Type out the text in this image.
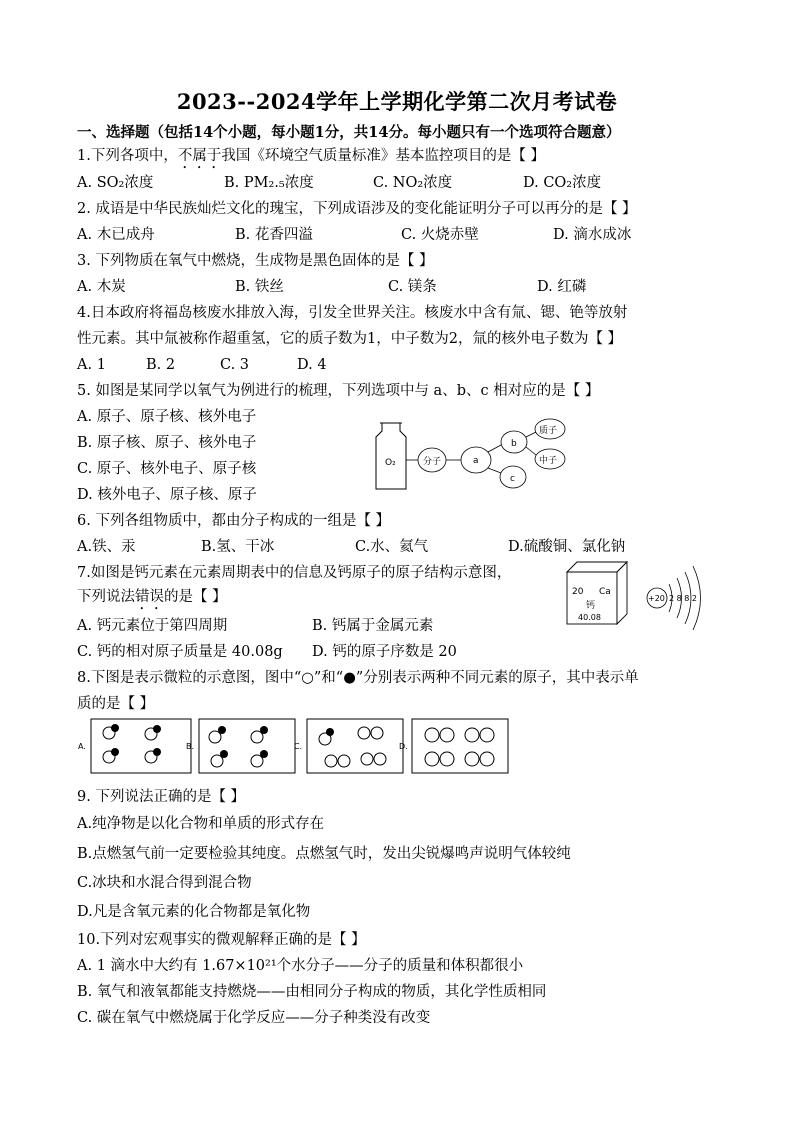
2023--2024学年上学期化学第二次月考试卷
一、选择题（包括14个小题，每小题1分，共14分。每小题只有一个选项符合题意）
1.下列各项中，不属于我国《环境空气质量标准》基本监控项目的是【 】
A. SO₂浓度	B. PM₂.₅浓度	C. NO₂浓度	D. CO₂浓度
2. 成语是中华民族灿烂文化的瑰宝，下列成语涉及的变化能证明分子可以再分的是【 】
A. 木已成舟	B. 花香四溢	C. 火烧赤壁	D. 滴水成冰
3. 下列物质在氧气中燃烧，生成物是黑色固体的是【 】
A. 木炭	B. 铁丝	C. 镁条	D. 红磷
4.日本政府将福岛核废水排放入海，引发全世界关注。核废水中含有氚、锶、铯等放射
性元素。其中氚被称作超重氢，它的质子数为1，中子数为2，氚的核外电子数为【 】
A. 1	B. 2	C. 3	D. 4
5. 如图是某同学以氧气为例进行的梳理，下列选项中与 a、b、c 相对应的是【 】
A. 原子、原子核、核外电子
B. 原子核、原子、核外电子
C. 原子、核外电子、原子核
D. 核外电子、原子核、原子
O₂	分子	a
b
c
质子
中子
6. 下列各组物质中，都由分子构成的一组是【 】
A.铁、汞	B.氢、干冰	C.水、氦气	D.硫酸铜、氯化钠
7.如图是钙元素在元素周期表中的信息及钙原子的原子结构示意图，
下列说法错误的是【 】
A. 钙元素位于第四周期	B. 钙属于金属元素
C. 钙的相对原子质量是 40.08g D. 钙的原子序数是 20
20 Ca
钙
40.08
+20 2 8 8 2
8.下图是表示微粒的示意图，图中“○”和“●”分别表示两种不同元素的原子，其中表示单
质的是【 】
A.	B.	C.	D.
9. 下列说法正确的是【 】
A.纯净物是以化合物和单质的形式存在
B.点燃氢气前一定要检验其纯度。点燃氢气时，发出尖锐爆鸣声说明气体较纯
C.冰块和水混合得到混合物
D.凡是含氧元素的化合物都是氧化物
10.下列对宏观事实的微观解释正确的是【 】
A. 1 滴水中大约有 1.67×10²¹个水分子——分子的质量和体积都很小
B. 氧气和液氧都能支持燃烧——由相同分子构成的物质，其化学性质相同
C. 碳在氧气中燃烧属于化学反应——分子种类没有改变
